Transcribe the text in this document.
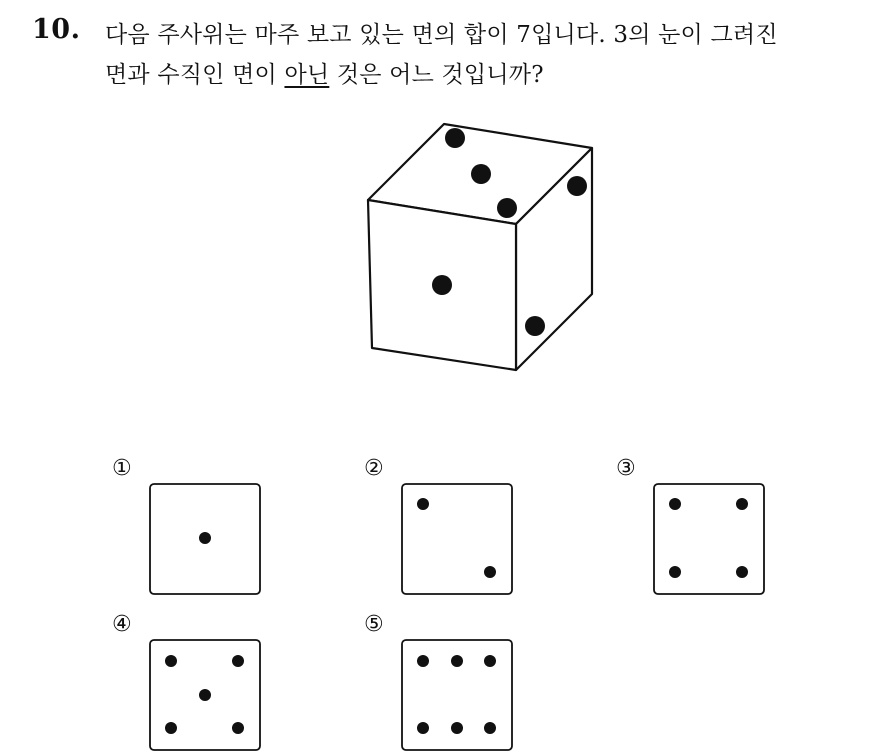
10. 다음 주사위는 마주 보고 있는 면의 합이 7입니다. 3의 눈이 그려진
면과 수직인 면이 아닌 것은 어느 것입니까?
①	②	③
④	⑤
